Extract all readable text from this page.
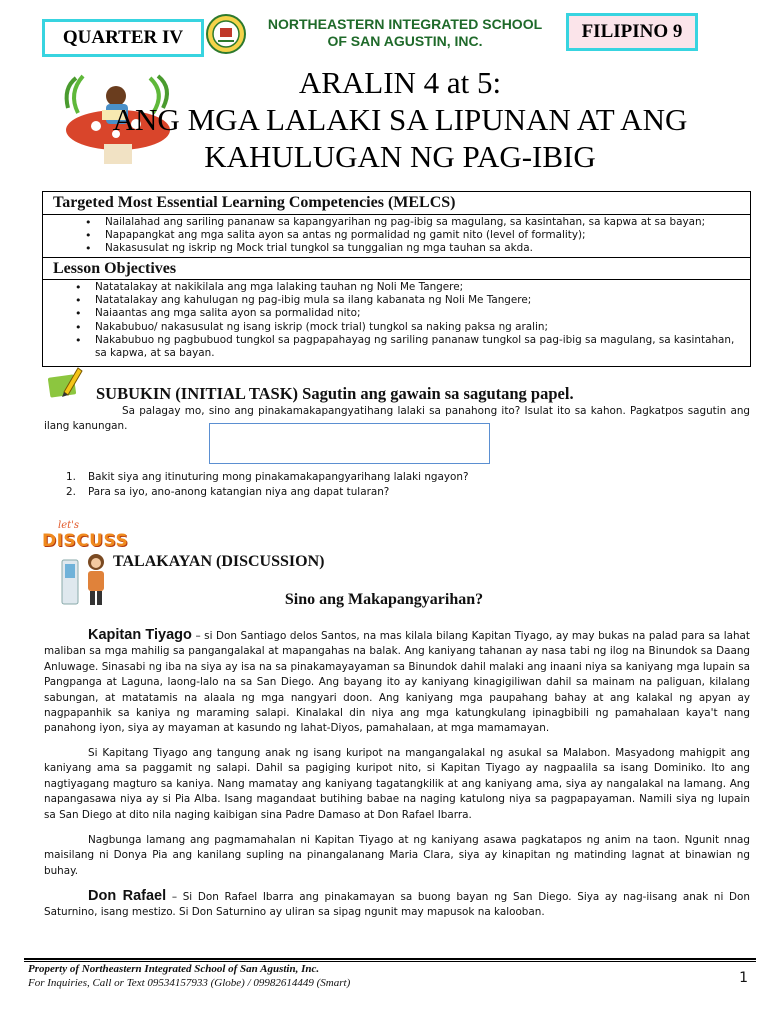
QUARTER IV
NORTHEASTERN INTEGRATED SCHOOL
OF SAN AGUSTIN, INC.	FILIPINO 9
ARALIN 4 at 5:
ANG MGA LALAKI SA LIPUNAN AT ANG
KAHULUGAN NG PAG-IBIG
Targeted Most Essential Learning Competencies (MELCS)
• Nailalahad ang sariling pananaw sa kapangyarihan ng pag-ibig sa magulang, sa kasintahan, sa kapwa at sa bayan;
• Napapangkat ang mga salita ayon sa antas ng pormalidad ng gamit nito (level of formality);
• Nakasusulat ng iskrip ng Mock trial tungkol sa tunggalian ng mga tauhan sa akda.
Lesson Objectives
• Natatalakay at nakikilala ang mga lalaking tauhan ng Noli Me Tangere;
• Natatalakay ang kahulugan ng pag-ibig mula sa ilang kabanata ng Noli Me Tangere;
• Naiaantas ang mga salita ayon sa pormalidad nito;
• Nakabubuo/ nakasusulat ng isang iskrip (mock trial) tungkol sa naking paksa ng aralin;
• Nakabubuo ng pagbubuod tungkol sa pagpapahayag ng sariling pananaw tungkol sa pag-ibig sa magulang, sa kasintahan, sa kapwa, at sa bayan.
SUBUKIN (INITIAL TASK) Sagutin ang gawain sa sagutang papel.
Sa palagay mo, sino ang pinakamakapangyatihang lalaki sa panahong ito? Isulat ito sa kahon. Pagkatpos sagutin ang ilang kanungan.
1. Bakit siya ang itinuturing mong pinakamakapangyarihang lalaki ngayon?
2. Para sa iyo, ano-anong katangian niya ang dapat tularan?
let's
DISCUSS
TALAKAYAN (DISCUSSION)
Sino ang Makapangyarihan?
Kapitan Tiyago – si Don Santiago delos Santos, na mas kilala bilang Kapitan Tiyago, ay may bukas na palad para sa lahat maliban sa mga mahilig sa pangangalakal at mapangahas na balak. Ang kaniyang tahanan ay nasa tabi ng ilog na Binundok sa Daang Anluwage. Sinasabi ng iba na siya ay isa na sa pinakamayayaman sa Binundok dahil malaki ang inaani niya sa kaniyang mga lupain sa Pangpanga at Laguna, laong-lalo na sa San Diego. Ang bayang ito ay kaniyang kinagigiliwan dahil sa mainam na paliguan, kilalang sabungan, at matatamis na alaala ng mga nangyari doon. Ang kaniyang mga paupahang bahay at ang kalakal ng apyan ay nagpapanhik sa kaniya ng maraming salapi. Kinalakal din niya ang mga katungkulang ipinagbibili ng pamahalaan kaya't nang panahong iyon, siya ay mayaman at kasundo ng lahat-Diyos, pamahalaan, at mga mamamayan.
Si Kapitang Tiyago ang tangung anak ng isang kuripot na mangangalakal ng asukal sa Malabon. Masyadong mahigpit ang kaniyang ama sa paggamit ng salapi. Dahil sa pagiging kuripot nito, si Kapitan Tiyago ay nagpaalila sa isang Dominiko. Ito ang nagtiyagang magturo sa kaniya. Nang mamatay ang kaniyang tagatangkilik at ang kaniyang ama, siya ay nangalakal na lamang. Ang napangasawa niya ay si Pia Alba. Isang magandaat butihing babae na naging katulong niya sa pagpapayaman. Namili siya ng lupain sa San Diego at dito nila naging kaibigan sina Padre Damaso at Don Rafael Ibarra.
Nagbunga lamang ang pagmamahalan ni Kapitan Tiyago at ng kaniyang asawa pagkatapos ng anim na taon. Ngunit nnag maisilang ni Donya Pia ang kanilang supling na pinangalanang Maria Clara, siya ay kinapitan ng matinding lagnat at binawian ng buhay.
Don Rafael – Si Don Rafael Ibarra ang pinakamayan sa buong bayan ng San Diego. Siya ay nag-iisang anak ni Don Saturnino, isang mestizo. Si Don Saturnino ay uliran sa sipag ngunit may mapusok na kalooban.
Property of Northeastern Integrated School of San Agustin, Inc.
For Inquiries, Call or Text 09534157933 (Globe) / 09982614449 (Smart)	1
